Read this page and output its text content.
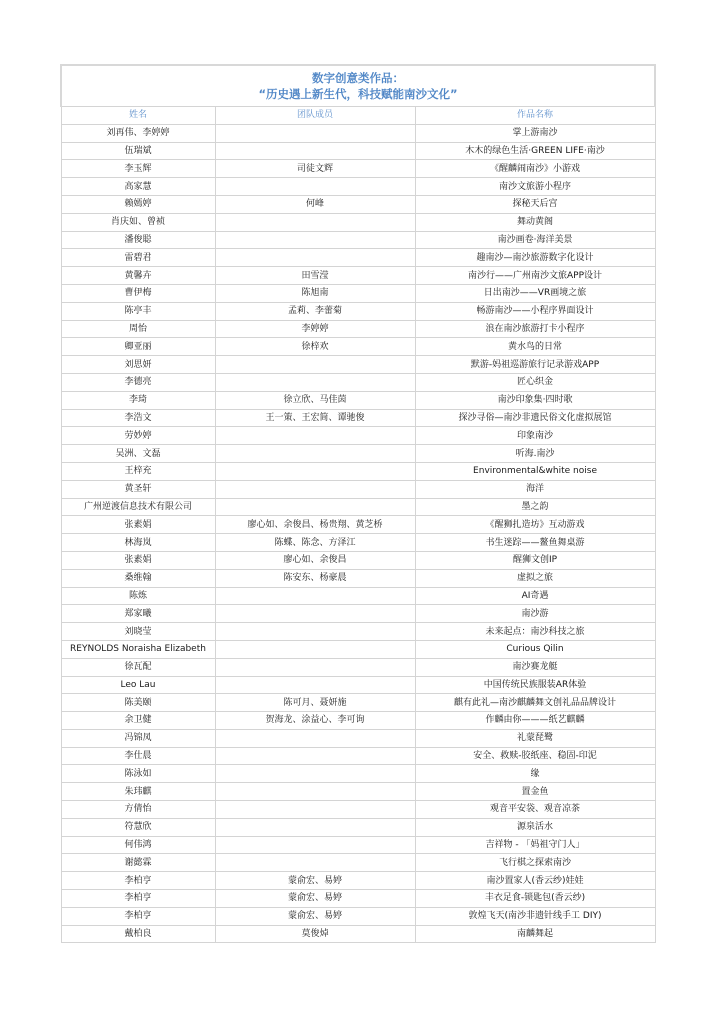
数字创意类作品：
“历史遇上新生代，科技赋能南沙文化”		

姓名	团队成员	作品名称
刘再伟、李婷婷		掌上游南沙
伍瑞斌		木木的绿色生活·GREEN LIFE·南沙
李玉辉	司徒文辉	《醒麟闹南沙》小游戏
高家慧		南沙文旅游小程序
赖嫣婷	何峰	探秘天后宫
肖庆如、曾祯		舞动黄阁
潘俊聪		南沙画卷·海洋美景
雷碧君		趣南沙—南沙旅游数字化设计
黄馨卉	田雪滢	南沙行——广州南沙文旅APP设计
曹伊梅	陈旭南	日出南沙——VR画境之旅
陈亭丰	孟莉、李蕾菊	畅游南沙——小程序界面设计
周怡	李婷婷	浪在南沙旅游打卡小程序
卿亚丽	徐梓欢	黄水鸟的日常
刘思妍		默游-妈祖巡游旅行记录游戏APP
李德亮		匠心织金
李琦	徐立欣、马佳茵	南沙印象集·四时歌
李浩文	王一策、王宏简、谭驰俊	探沙寻俗—南沙非遗民俗文化虚拟展馆
劳妙婷		印象南沙
吴洲、文磊		听海.南沙
王梓充		Environmental&white noise
黄圣轩		海洋
广州逆渡信息技术有限公司		墨之韵
张素娟	廖心如、余俊昌、杨贵翔、黄芝桥	《醒狮扎造坊》互动游戏
林海岚	陈蝶、陈念、方泽江	书生迷踪——鳌鱼舞桌游
张素娟	廖心如、余俊昌	醒狮文创IP
桑维翰	陈安东、杨豪晨	虚拟之旅
陈炼		AI奇遇
郑家曦		南沙游
刘晓莹		未来起点：南沙科技之旅
REYNOLDS Noraisha Elizabeth		Curious Qilin
徐瓦配		南沙赛龙艇
Leo Lau		中国传统民族服装AR体验
陈美颐	陈可月、聂妍施	麒有此礼—南沙麒麟舞文创礼品品牌设计
余卫健	贺海龙、涂益心、李可询	作麟由你———纸艺麒麟
冯锦凤		礼蒙琵鹭
李仕晨		安全、救赎-胶纸座、稳固-印泥
陈泳如		缘
朱玮麒		置金鱼
方倩怡		观音平安袋、观音凉茶
符慧欣		源泉活水
何伟鸿		吉祥物 - 「妈祖守门人」
谢懿霖		飞行棋之探索南沙
李柏亨	蒙俞宏、易婷	南沙置家人(香云纱)娃娃
李柏亨	蒙俞宏、易婷	丰衣足食-锁匙包(香云纱)
李柏亨	蒙俞宏、易婷	敦煌飞天(南沙非遗针线手工 DIY)
戴柏良	莫俊焯	南麟舞起
